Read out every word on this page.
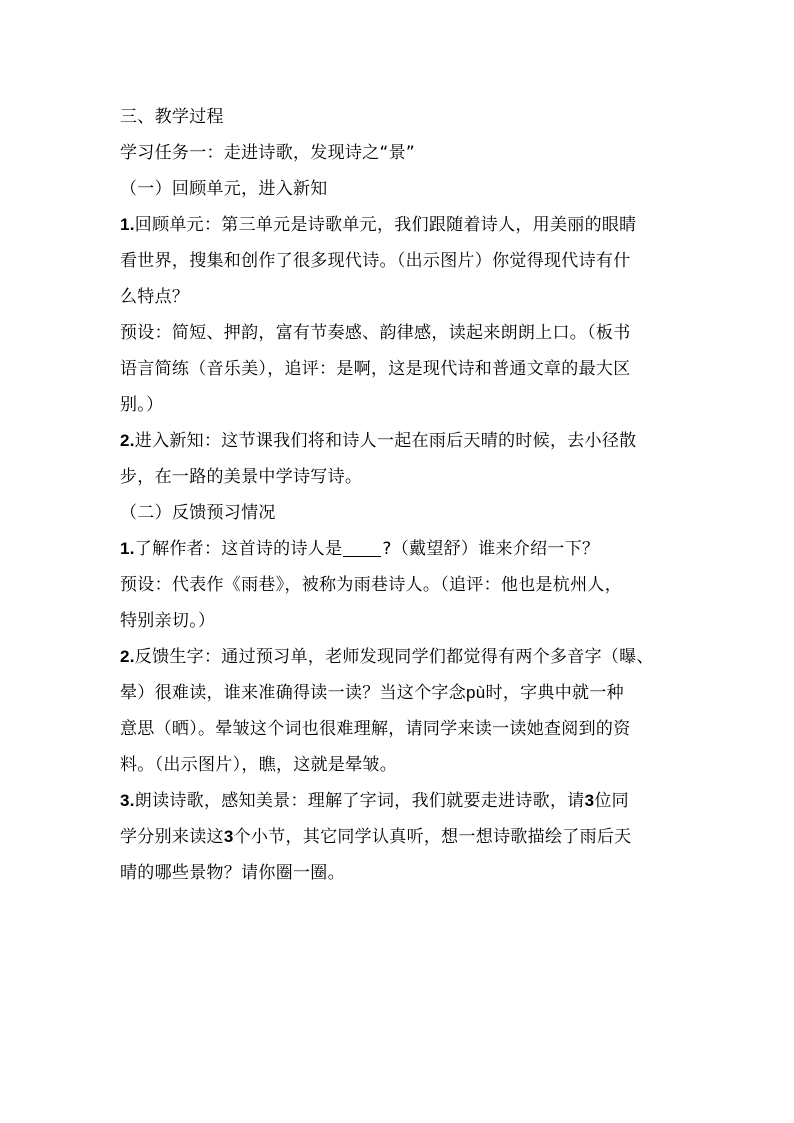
三、教学过程
学习任务一：走进诗歌，发现诗之“景”
（一）回顾单元，进入新知
1.回顾单元：第三单元是诗歌单元，我们跟随着诗人，用美丽的眼睛
看世界，搜集和创作了很多现代诗。（出示图片）你觉得现代诗有什
么特点？
预设：简短、押韵，富有节奏感、韵律感，读起来朗朗上口。（板书
语言简练（音乐美），追评：是啊，这是现代诗和普通文章的最大区
别。）
2.进入新知：这节课我们将和诗人一起在雨后天晴的时候，去小径散
步，在一路的美景中学诗写诗。
（二）反馈预习情况
1.了解作者：这首诗的诗人是 ?（戴望舒）谁来介绍一下？
预设：代表作《雨巷》，被称为雨巷诗人。（追评：他也是杭州人，
特别亲切。）
2.反馈生字：通过预习单，老师发现同学们都觉得有两个多音字（曝、
晕）很难读，谁来准确得读一读？当这个字念pù时，字典中就一种
意思（晒）。晕皱这个词也很难理解，请同学来读一读她查阅到的资
料。（出示图片），瞧，这就是晕皱。
3.朗读诗歌，感知美景：理解了字词，我们就要走进诗歌，请3位同
学分别来读这3个小节，其它同学认真听，想一想诗歌描绘了雨后天
晴的哪些景物？请你圈一圈。
